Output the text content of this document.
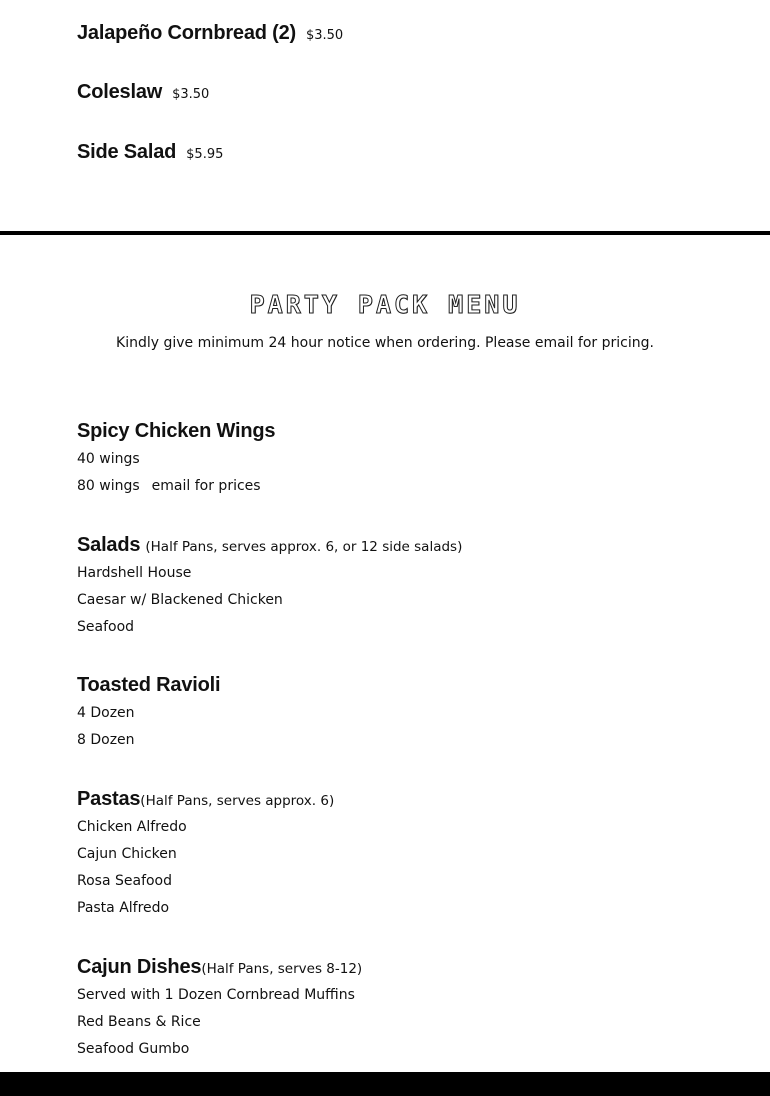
Jalapeño Cornbread (2) $3.50
Coleslaw $3.50
Side Salad $5.95
PARTY PACK MENU
Kindly give minimum 24 hour notice when ordering. Please email for pricing.
Spicy Chicken Wings
40 wings
80 wings email for prices
Salads (Half Pans, serves approx. 6, or 12 side salads)
Hardshell House
Caesar w/ Blackened Chicken
Seafood
Toasted Ravioli
4 Dozen
8 Dozen
Pastas(Half Pans, serves approx. 6)
Chicken Alfredo
Cajun Chicken
Rosa Seafood
Pasta Alfredo
Cajun Dishes(Half Pans, serves 8-12)
Served with 1 Dozen Cornbread Muffins
Red Beans & Rice
Seafood Gumbo
